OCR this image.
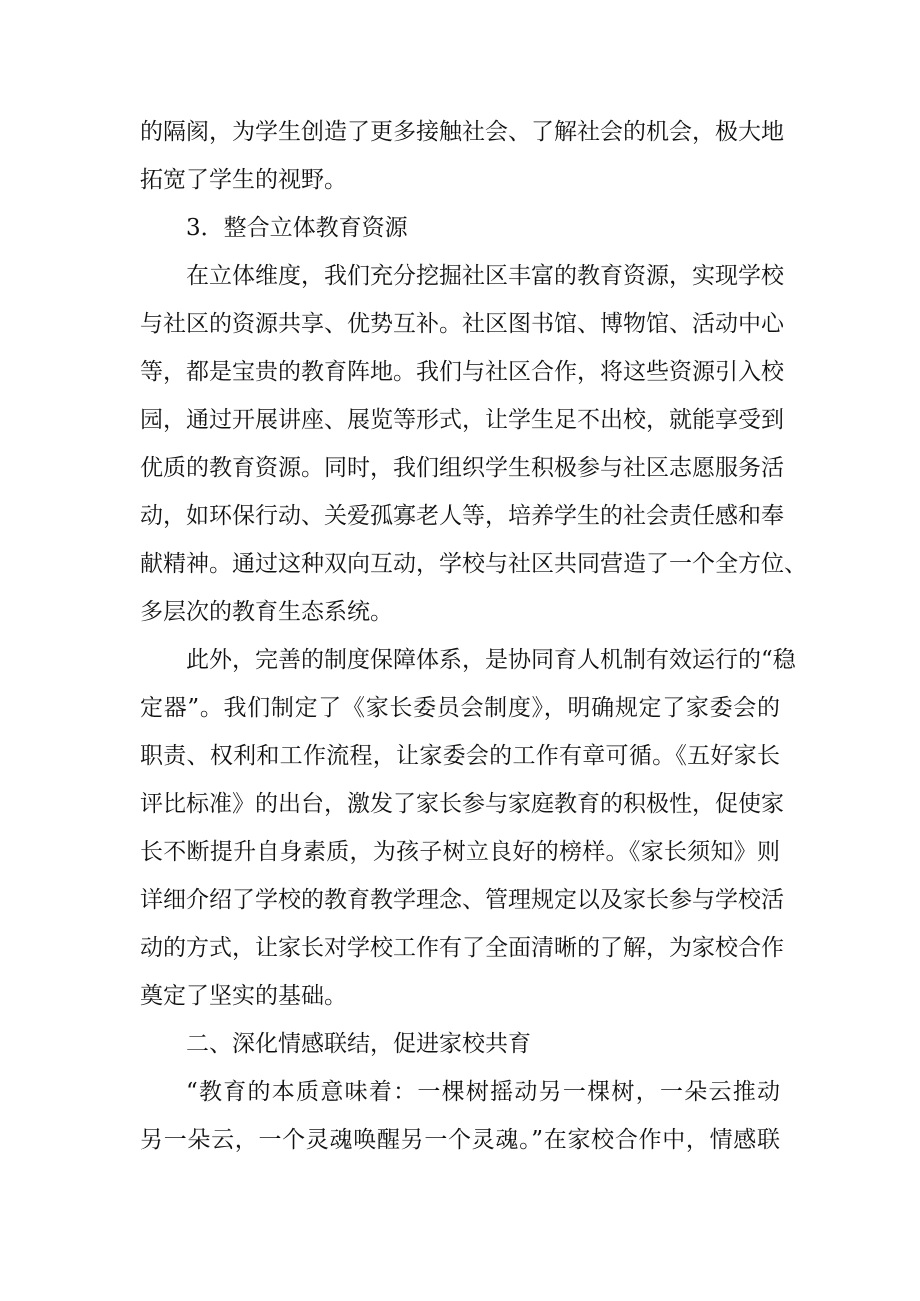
的隔阂，为学生创造了更多接触社会、了解社会的机会，极大地
拓宽了学生的视野。
3．整合立体教育资源
在立体维度，我们充分挖掘社区丰富的教育资源，实现学校
与社区的资源共享、优势互补。社区图书馆、博物馆、活动中心
等，都是宝贵的教育阵地。我们与社区合作，将这些资源引入校
园，通过开展讲座、展览等形式，让学生足不出校，就能享受到
优质的教育资源。同时，我们组织学生积极参与社区志愿服务活
动，如环保行动、关爱孤寡老人等，培养学生的社会责任感和奉
献精神。通过这种双向互动，学校与社区共同营造了一个全方位、
多层次的教育生态系统。
此外，完善的制度保障体系，是协同育人机制有效运行的“稳
定器”。我们制定了《家长委员会制度》，明确规定了家委会的
职责、权利和工作流程，让家委会的工作有章可循。《五好家长
评比标准》的出台，激发了家长参与家庭教育的积极性，促使家
长不断提升自身素质，为孩子树立良好的榜样。《家长须知》则
详细介绍了学校的教育教学理念、管理规定以及家长参与学校活
动的方式，让家长对学校工作有了全面清晰的了解，为家校合作
奠定了坚实的基础。
二、深化情感联结，促进家校共育
“教育的本质意味着：一棵树摇动另一棵树，一朵云推动
另一朵云，一个灵魂唤醒另一个灵魂。”在家校合作中，情感联
